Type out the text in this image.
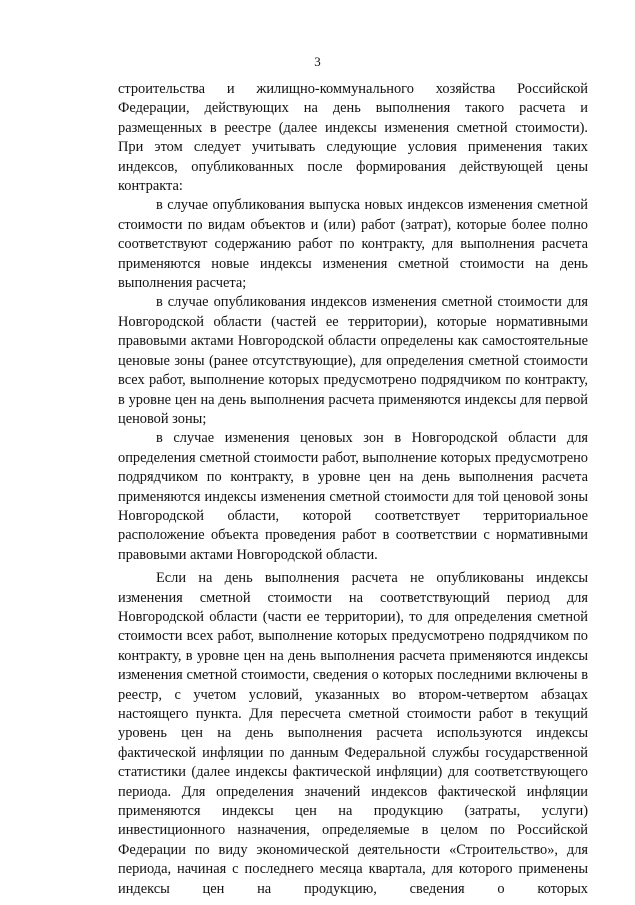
3

строительства и жилищно-коммунального хозяйства Российской Федерации, действующих на день выполнения такого расчета и размещенных в реестре (далее индексы изменения сметной стоимости). При этом следует учитывать следующие условия применения таких индексов, опубликованных после формирования действующей цены контракта:

в случае опубликования выпуска новых индексов изменения сметной стоимости по видам объектов и (или) работ (затрат), которые более полно соответствуют содержанию работ по контракту, для выполнения расчета применяются новые индексы изменения сметной стоимости на день выполнения расчета;

в случае опубликования индексов изменения сметной стоимости для Новгородской области (частей ее территории), которые нормативными правовыми актами Новгородской области определены как самостоятельные ценовые зоны (ранее отсутствующие), для определения сметной стоимости всех работ, выполнение которых предусмотрено подрядчиком по контракту, в уровне цен на день выполнения расчета применяются индексы для первой ценовой зоны;

в случае изменения ценовых зон в Новгородской области для определения сметной стоимости работ, выполнение которых предусмотрено подрядчиком по контракту, в уровне цен на день выполнения расчета применяются индексы изменения сметной стоимости для той ценовой зоны Новгородской области, которой соответствует территориальное расположение объекта проведения работ в соответствии с нормативными правовыми актами Новгородской области.

Если на день выполнения расчета не опубликованы индексы изменения сметной стоимости на соответствующий период для Новгородской области (части ее территории), то для определения сметной стоимости всех работ, выполнение которых предусмотрено подрядчиком по контракту, в уровне цен на день выполнения расчета применяются индексы изменения сметной стоимости, сведения о которых последними включены в реестр, с учетом условий, указанных во втором-четвертом абзацах настоящего пункта. Для пересчета сметной стоимости работ в текущий уровень цен на день выполнения расчета используются индексы фактической инфляции по данным Федеральной службы государственной статистики (далее индексы фактической инфляции) для соответствующего периода. Для определения значений индексов фактической инфляции применяются индексы цен на продукцию (затраты, услуги) инвестиционного назначения, определяемые в целом по Российской Федерации по виду экономической деятельности «Строительство», для периода, начиная с последнего месяца квартала, для которого применены индексы цен на продукцию, сведения о которых
